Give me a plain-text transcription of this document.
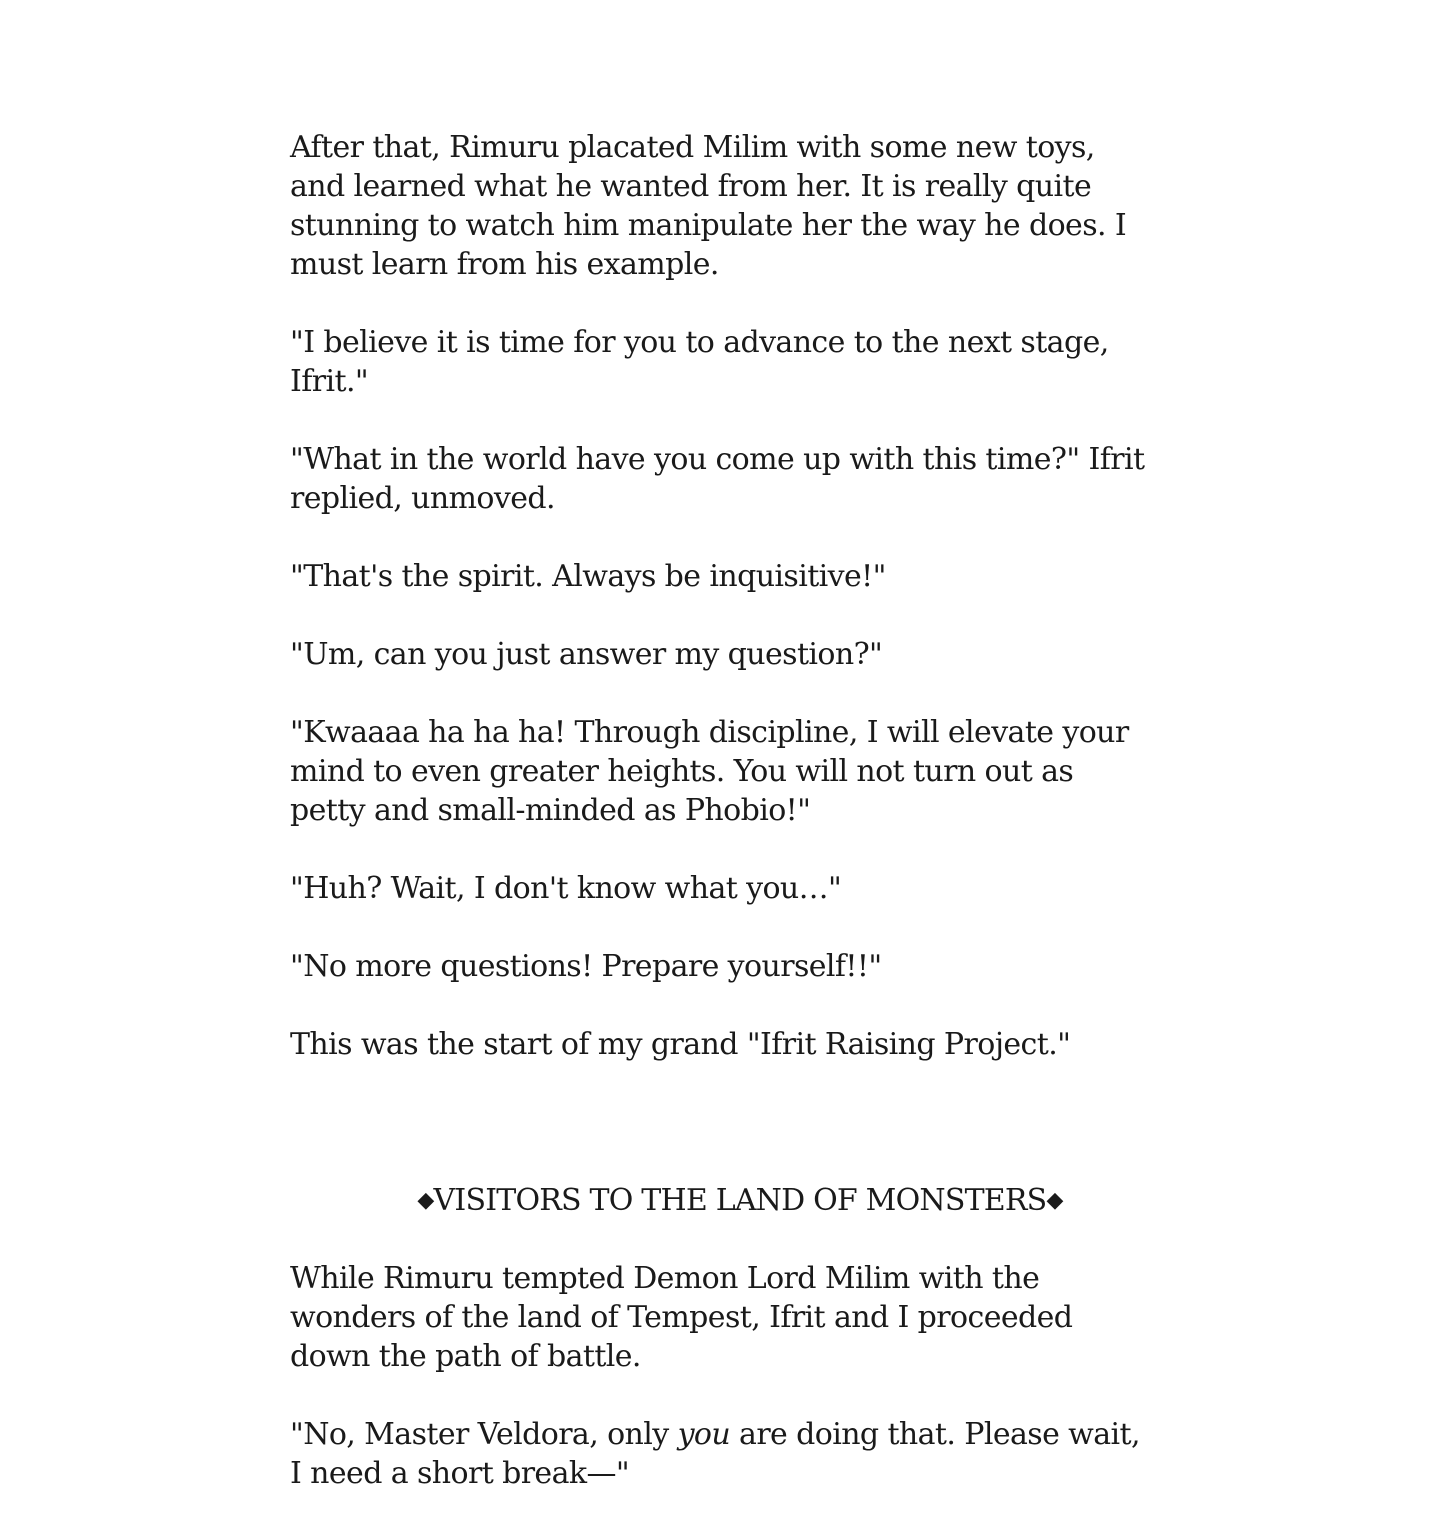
After that, Rimuru placated Milim with some new toys, and learned what he wanted from her. It is really quite stunning to watch him manipulate her the way he does. I must learn from his example.

"I believe it is time for you to advance to the next stage, Ifrit."

"What in the world have you come up with this time?" Ifrit replied, unmoved.

"That's the spirit. Always be inquisitive!"

"Um, can you just answer my question?"

"Kwaaaa ha ha ha! Through discipline, I will elevate your mind to even greater heights. You will not turn out as petty and small-minded as Phobio!"

"Huh? Wait, I don't know what you…"

"No more questions! Prepare yourself!!"

This was the start of my grand "Ifrit Raising Project."

◆VISITORS TO THE LAND OF MONSTERS◆

While Rimuru tempted Demon Lord Milim with the wonders of the land of Tempest, Ifrit and I proceeded down the path of battle.

"No, Master Veldora, only you are doing that. Please wait, I need a short break—"
